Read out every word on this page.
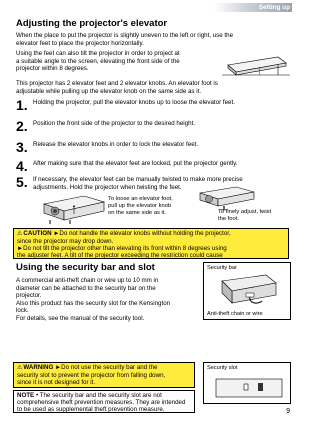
Setting up
Adjusting the projector's elevator
When the place to put the projector is slightly uneven to the left or right, use the
elevator feet to place the projector horizontally.
Using the feet can also tilt the projector in order to project at
a suitable angle to the screen, elevating the front side of the
projector within 8 degrees.
This projector has 2 elevator feet and 2 elevator knobs. An elevator foot is
adjustable while pulling up the elevator knob on the same side as it.
1. Holding the projector, pull the elevator knobs up to loose the elevator feet.
2. Position the front side of the projector to the desired height.
3. Release the elevator knobs in order to lock the elevator feet.
4. After making sure that the elevator feet are locked, put the projector gently.
5. If necessary, the elevator feet can be manually twisted to make more precise
adjustments. Hold the projector when twisting the feet.
To loose an elevator foot,
pull up the elevator knob
on the same side as it.	To finely adjust, twist
the foot.
⚠CAUTION ►Do not handle the elevator knobs without holding the projector,
since the projector may drop down.
►Do not tilt the projector other than elevating its front within 8 degrees using
the adjuster feet. A tilt of the projector exceeding the restriction could cause
Using the security bar and slot
A commercial anti-theft chain or wire up to 10 mm in
diameter can be attached to the security bar on the
projector.
Also this product has the security slot for the Kensington
lock.
For details, see the manual of the security tool.
Security bar
Anti-theft chain or wire
Security slot
⚠WARNING ►Do not use the security bar and the
security slot to prevent the projector from falling down,
since it is not designed for it.
NOTE • The security bar and the security slot are not
comprehensive theft prevention measures. They are intended
to be used as supplemental theft prevention measure.	9
